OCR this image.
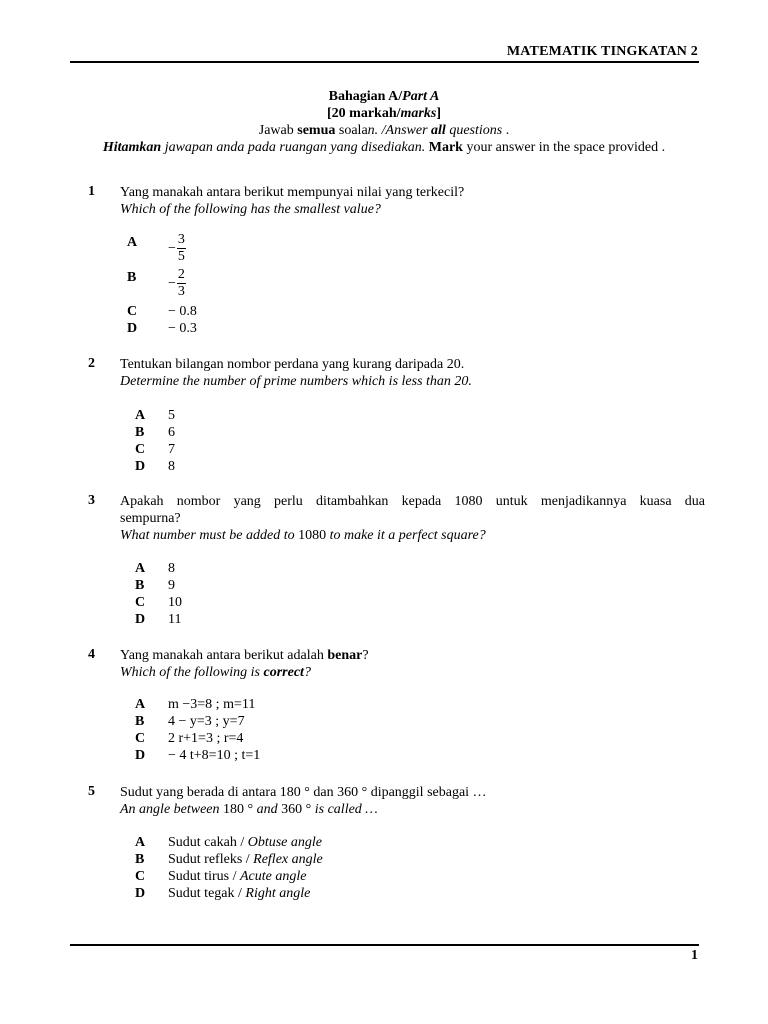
MATEMATIK TINGKATAN 2
Bahagian A/Part A
[20 markah/marks]
Jawab semua soalan. /Answer all questions .
Hitamkan jawapan anda pada ruangan yang disediakan. Mark your answer in the space provided .
1 Yang manakah antara berikut mempunyai nilai yang terkecil?
Which of the following has the smallest value?
$A - \frac{3}{5}$
$B - \frac{2}{3}$
C − 0.8
D − 0.3
2 Tentukan bilangan nombor perdana yang kurang daripada 20.
Determine the number of prime numbers which is less than 20.
A 5
B 6
C 7
D 8
3 Apakah nombor yang perlu ditambahkan kepada 1080 untuk menjadikannya kuasa dua
sempurna?
What number must be added to 1080 to make it a perfect square?
A 8
B 9
C 10
D 11
4 Yang manakah antara berikut adalah benar?
Which of the following is correct?
A m −3=8 ; m=11
B 4 − y=3 ; y=7
C 2 r+1=3 ; r=4
D − 4 t+8=10 ; t=1
5 Sudut yang berada di antara 180 ° dan 360 ° dipanggil sebagai …
An angle between 180 ° and 360 ° is called …
A Sudut cakah / Obtuse angle
B Sudut refleks / Reflex angle
C Sudut tirus / Acute angle
D Sudut tegak / Right angle
1
